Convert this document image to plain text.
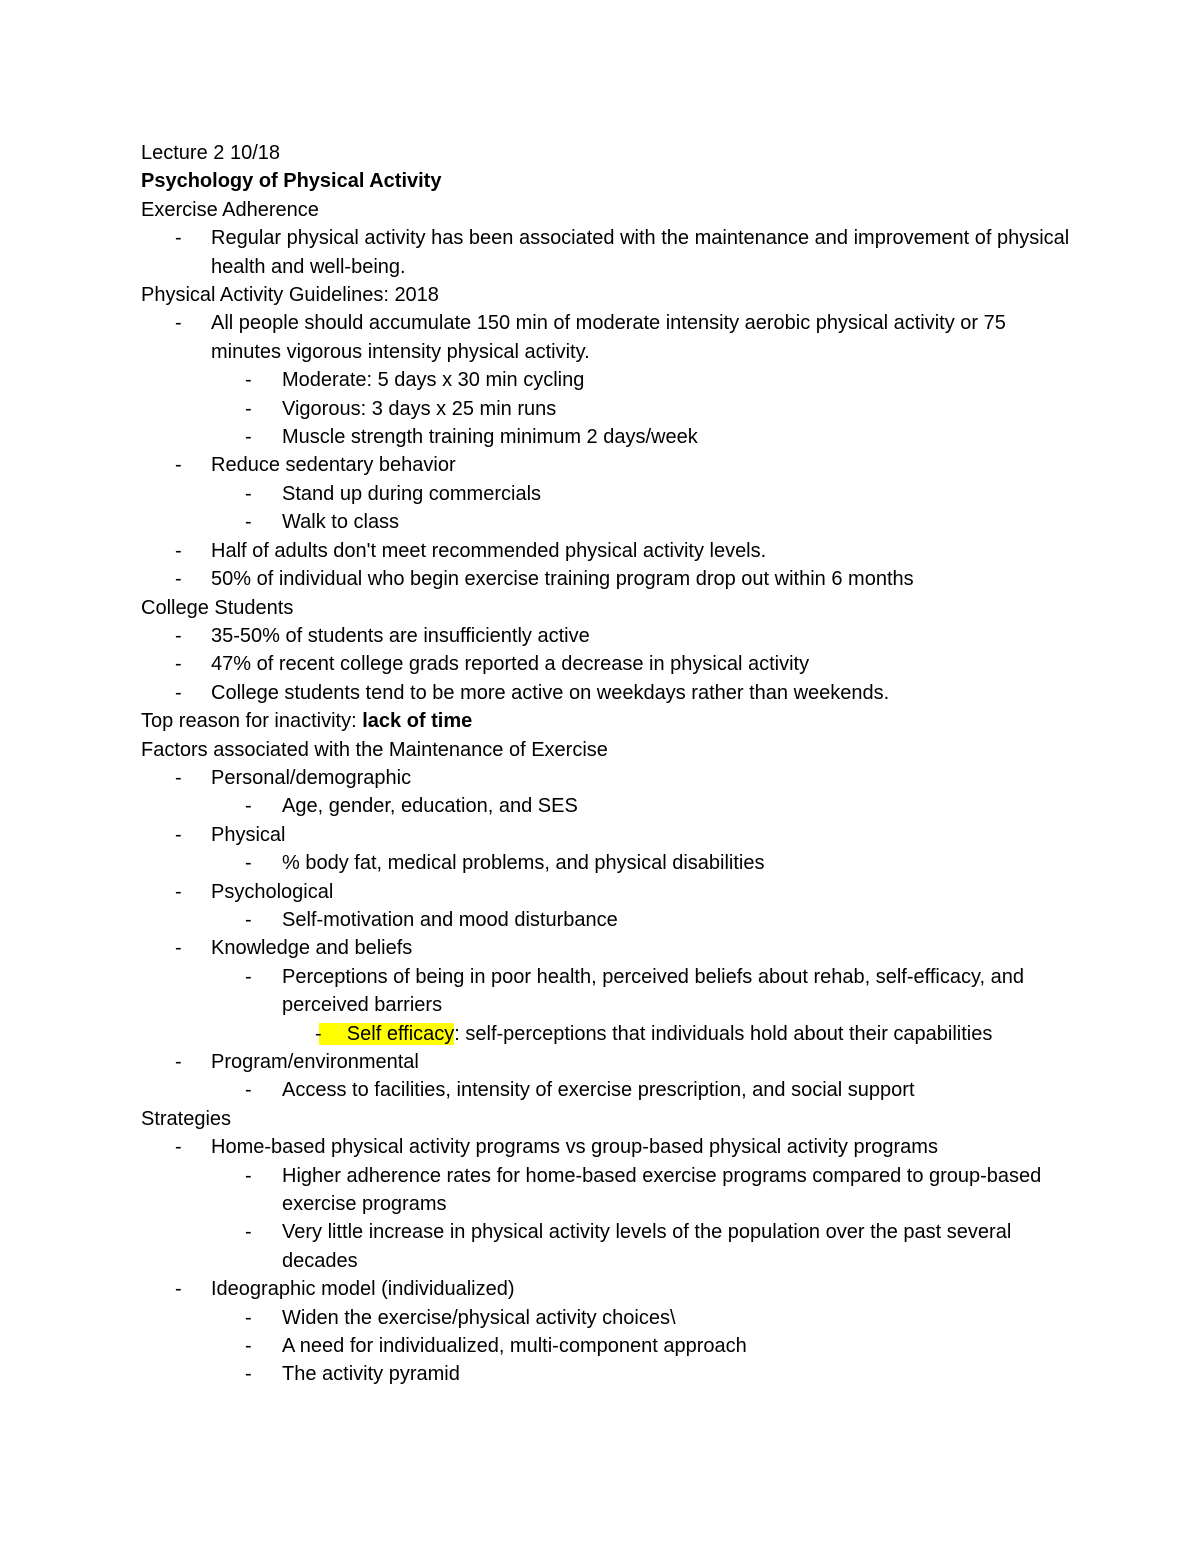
Lecture 2 10/18
Psychology of Physical Activity
Exercise Adherence
- Regular physical activity has been associated with the maintenance and improvement of physical health and well-being.
Physical Activity Guidelines: 2018
- All people should accumulate 150 min of moderate intensity aerobic physical activity or 75 minutes vigorous intensity physical activity.
- Moderate: 5 days x 30 min cycling
- Vigorous: 3 days x 25 min runs
- Muscle strength training minimum 2 days/week
- Reduce sedentary behavior
- Stand up during commercials
- Walk to class
- Half of adults don't meet recommended physical activity levels.
- 50% of individual who begin exercise training program drop out within 6 months
College Students
- 35-50% of students are insufficiently active
- 47% of recent college grads reported a decrease in physical activity
- College students tend to be more active on weekdays rather than weekends.
Top reason for inactivity: lack of time
Factors associated with the Maintenance of Exercise
- Personal/demographic
- Age, gender, education, and SES
- Physical
- % body fat, medical problems, and physical disabilities
- Psychological
- Self-motivation and mood disturbance
- Knowledge and beliefs
- Perceptions of being in poor health, perceived beliefs about rehab, self-efficacy, and perceived barriers
-	Self efficacy: self-perceptions that individuals hold about their capabilities
- Program/environmental
- Access to facilities, intensity of exercise prescription, and social support
Strategies
- Home-based physical activity programs vs group-based physical activity programs
- Higher adherence rates for home-based exercise programs compared to group-based exercise programs
- Very little increase in physical activity levels of the population over the past several decades
- Ideographic model (individualized)
- Widen the exercise/physical activity choices\
- A need for individualized, multi-component approach
- The activity pyramid
